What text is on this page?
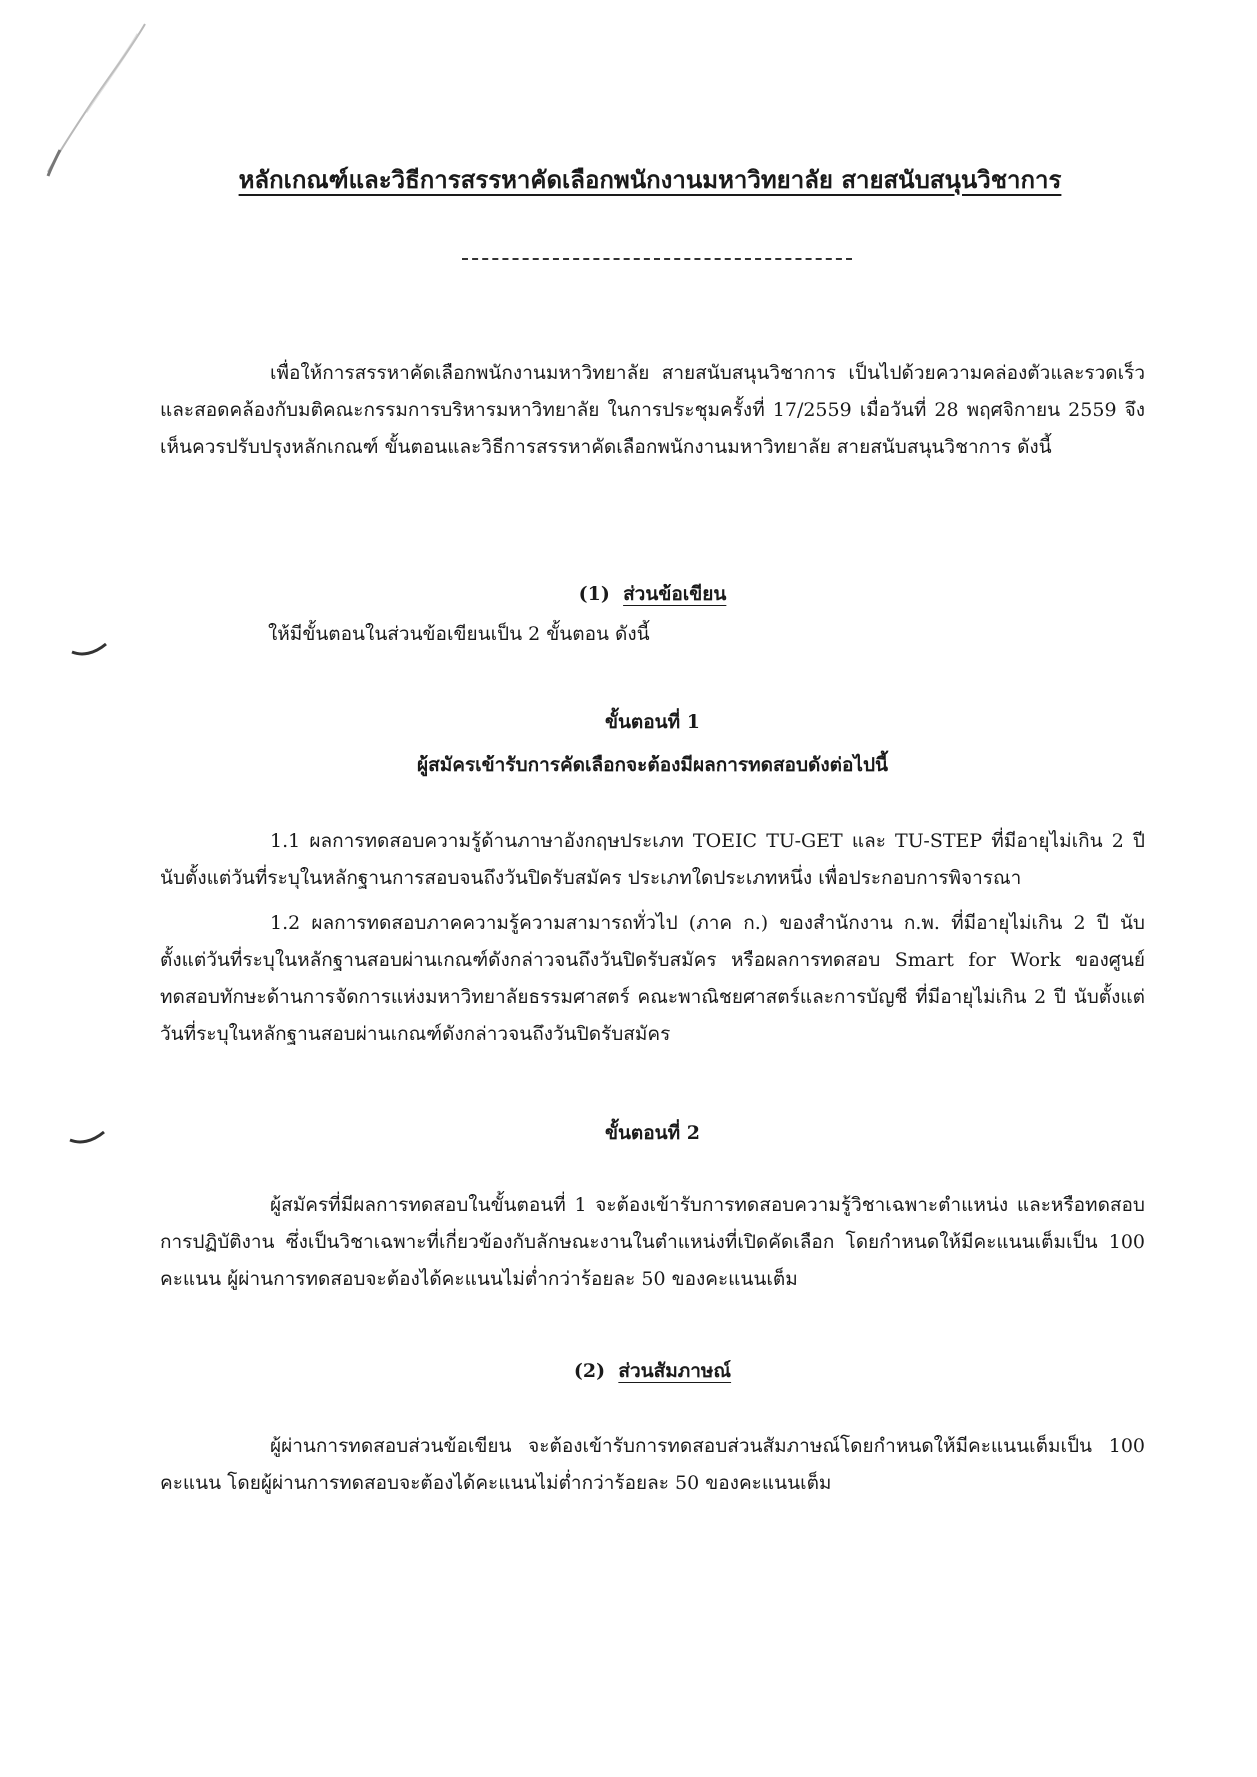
หลักเกณฑ์และวิธีการสรรหาคัดเลือกพนักงานมหาวิทยาลัย สายสนับสนุนวิชาการ
เพื่อให้การสรรหาคัดเลือกพนักงานมหาวิทยาลัย สายสนับสนุนวิชาการ เป็นไปด้วยความคล่องตัวและรวดเร็ว และสอดคล้องกับมติคณะกรรมการบริหารมหาวิทยาลัย ในการประชุมครั้งที่ 17/2559 เมื่อวันที่ 28 พฤศจิกายน 2559 จึงเห็นควรปรับปรุงหลักเกณฑ์ ขั้นตอนและวิธีการสรรหาคัดเลือกพนักงานมหาวิทยาลัย สายสนับสนุนวิชาการ ดังนี้
(1) ส่วนข้อเขียน
ให้มีขั้นตอนในส่วนข้อเขียนเป็น 2 ขั้นตอน ดังนี้
ขั้นตอนที่ 1
ผู้สมัครเข้ารับการคัดเลือกจะต้องมีผลการทดสอบดังต่อไปนี้
1.1 ผลการทดสอบความรู้ด้านภาษาอังกฤษประเภท TOEIC TU-GET และ TU-STEP ที่มีอายุไม่เกิน 2 ปี นับตั้งแต่วันที่ระบุในหลักฐานการสอบจนถึงวันปิดรับสมัคร ประเภทใดประเภทหนึ่ง เพื่อประกอบการพิจารณา
1.2 ผลการทดสอบภาคความรู้ความสามารถทั่วไป (ภาค ก.) ของสำนักงาน ก.พ. ที่มีอายุไม่เกิน 2 ปี นับตั้งแต่วันที่ระบุในหลักฐานสอบผ่านเกณฑ์ดังกล่าวจนถึงวันปิดรับสมัคร หรือผลการทดสอบ Smart for Work ของศูนย์ทดสอบทักษะด้านการจัดการแห่งมหาวิทยาลัยธรรมศาสตร์ คณะพาณิชยศาสตร์และการบัญชี ที่มีอายุไม่เกิน 2 ปี นับตั้งแต่วันที่ระบุในหลักฐานสอบผ่านเกณฑ์ดังกล่าวจนถึงวันปิดรับสมัคร
ขั้นตอนที่ 2
ผู้สมัครที่มีผลการทดสอบในขั้นตอนที่ 1 จะต้องเข้ารับการทดสอบความรู้วิชาเฉพาะตำแหน่ง และหรือทดสอบการปฏิบัติงาน ซึ่งเป็นวิชาเฉพาะที่เกี่ยวข้องกับลักษณะงานในตำแหน่งที่เปิดคัดเลือก โดยกำหนดให้มีคะแนนเต็มเป็น 100 คะแนน ผู้ผ่านการทดสอบจะต้องได้คะแนนไม่ต่ำกว่าร้อยละ 50 ของคะแนนเต็ม
(2) ส่วนสัมภาษณ์
ผู้ผ่านการทดสอบส่วนข้อเขียน จะต้องเข้ารับการทดสอบส่วนสัมภาษณ์โดยกำหนดให้มีคะแนนเต็มเป็น 100 คะแนน โดยผู้ผ่านการทดสอบจะต้องได้คะแนนไม่ต่ำกว่าร้อยละ 50 ของคะแนนเต็ม
